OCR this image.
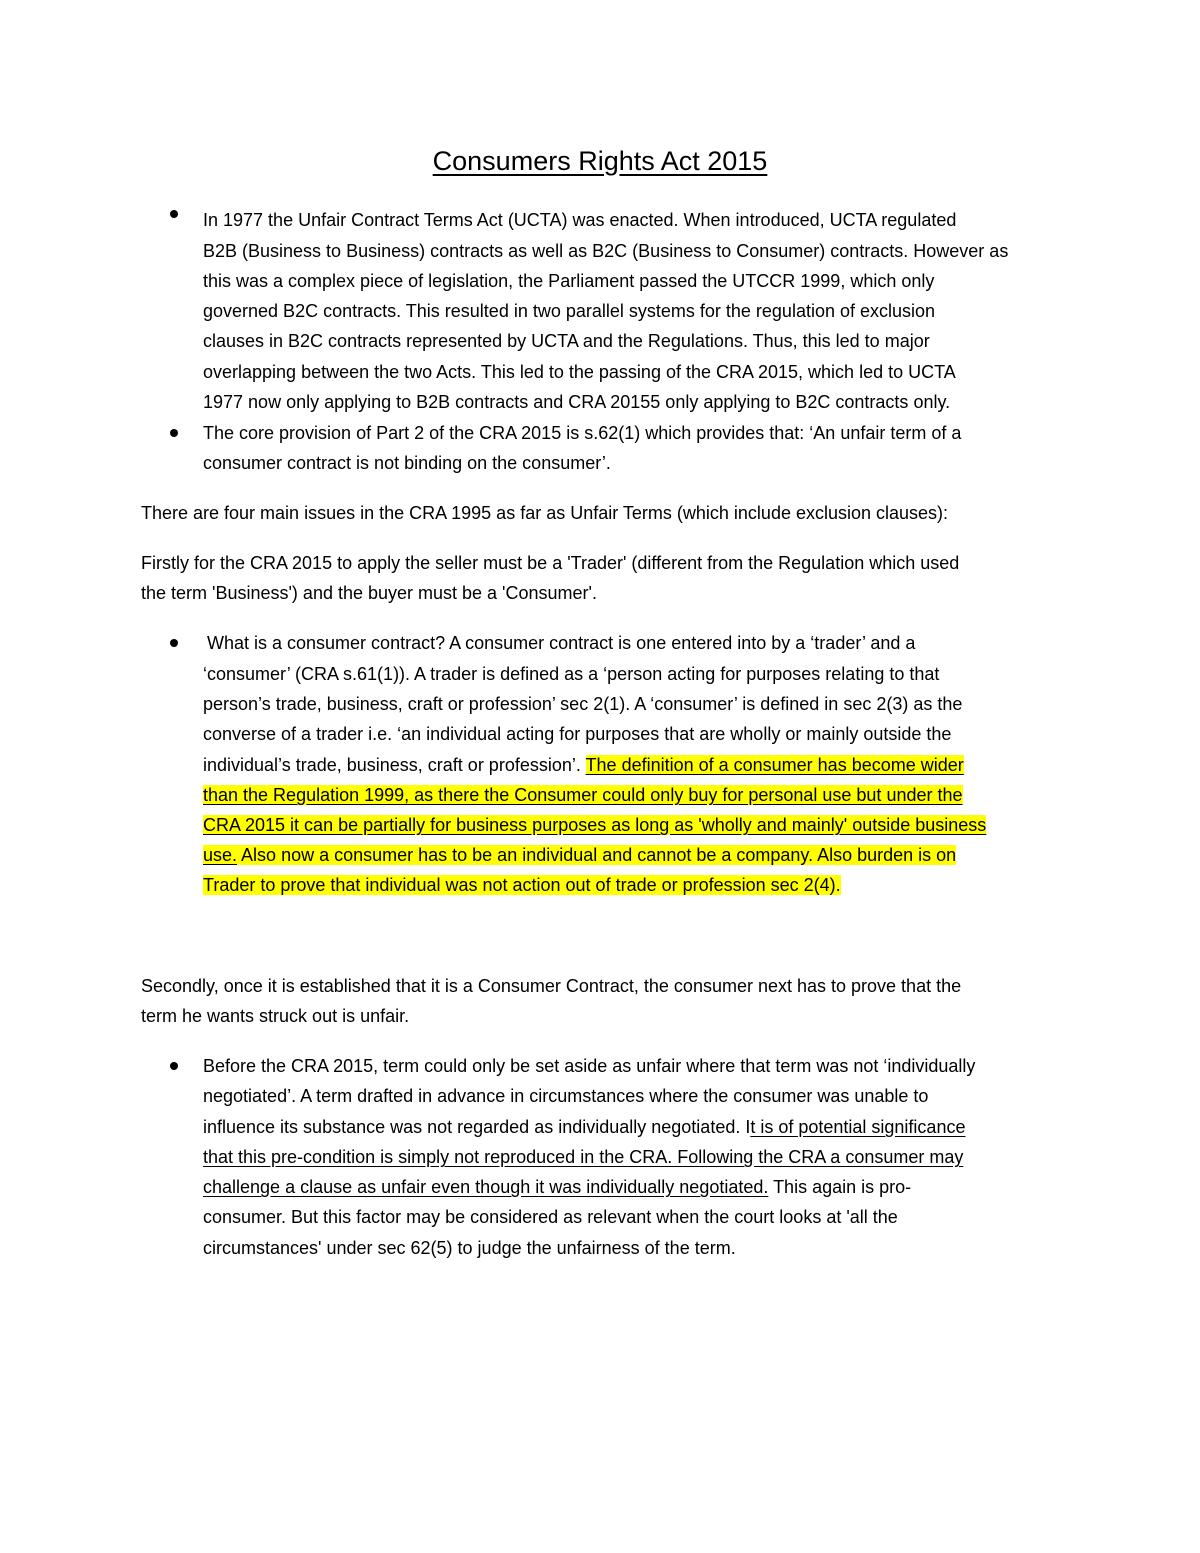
Consumers Rights Act 2015
In 1977 the Unfair Contract Terms Act (UCTA) was enacted. When introduced, UCTA regulated
B2B (Business to Business) contracts as well as B2C (Business to Consumer) contracts. However as
this was a complex piece of legislation, the Parliament passed the UTCCR 1999, which only
governed B2C contracts. This resulted in two parallel systems for the regulation of exclusion
clauses in B2C contracts represented by UCTA and the Regulations. Thus, this led to major
overlapping between the two Acts. This led to the passing of the CRA 2015, which led to UCTA
1977 now only applying to B2B contracts and CRA 20155 only applying to B2C contracts only.
The core provision of Part 2 of the CRA 2015 is s.62(1) which provides that: ‘An unfair term of a
consumer contract is not binding on the consumer’.
There are four main issues in the CRA 1995 as far as Unfair Terms (which include exclusion clauses):
Firstly for the CRA 2015 to apply the seller must be a 'Trader' (different from the Regulation which used
the term 'Business') and the buyer must be a 'Consumer'.
What is a consumer contract? A consumer contract is one entered into by a ‘trader’ and a
‘consumer’ (CRA s.61(1)). A trader is defined as a ‘person acting for purposes relating to that
person’s trade, business, craft or profession’ sec 2(1). A ‘consumer’ is defined in sec 2(3) as the
converse of a trader i.e. ‘an individual acting for purposes that are wholly or mainly outside the
individual’s trade, business, craft or profession’. The definition of a consumer has become wider
than the Regulation 1999, as there the Consumer could only buy for personal use but under the
CRA 2015 it can be partially for business purposes as long as 'wholly and mainly' outside business
use. Also now a consumer has to be an individual and cannot be a company. Also burden is on
Trader to prove that individual was not action out of trade or profession sec 2(4).
Secondly, once it is established that it is a Consumer Contract, the consumer next has to prove that the
term he wants struck out is unfair.
Before the CRA 2015, term could only be set aside as unfair where that term was not ‘individually
negotiated’. A term drafted in advance in circumstances where the consumer was unable to
influence its substance was not regarded as individually negotiated. It is of potential significance
that this pre-condition is simply not reproduced in the CRA. Following the CRA a consumer may
challenge a clause as unfair even though it was individually negotiated. This again is pro-
consumer. But this factor may be considered as relevant when the court looks at 'all the
circumstances' under sec 62(5) to judge the unfairness of the term.
